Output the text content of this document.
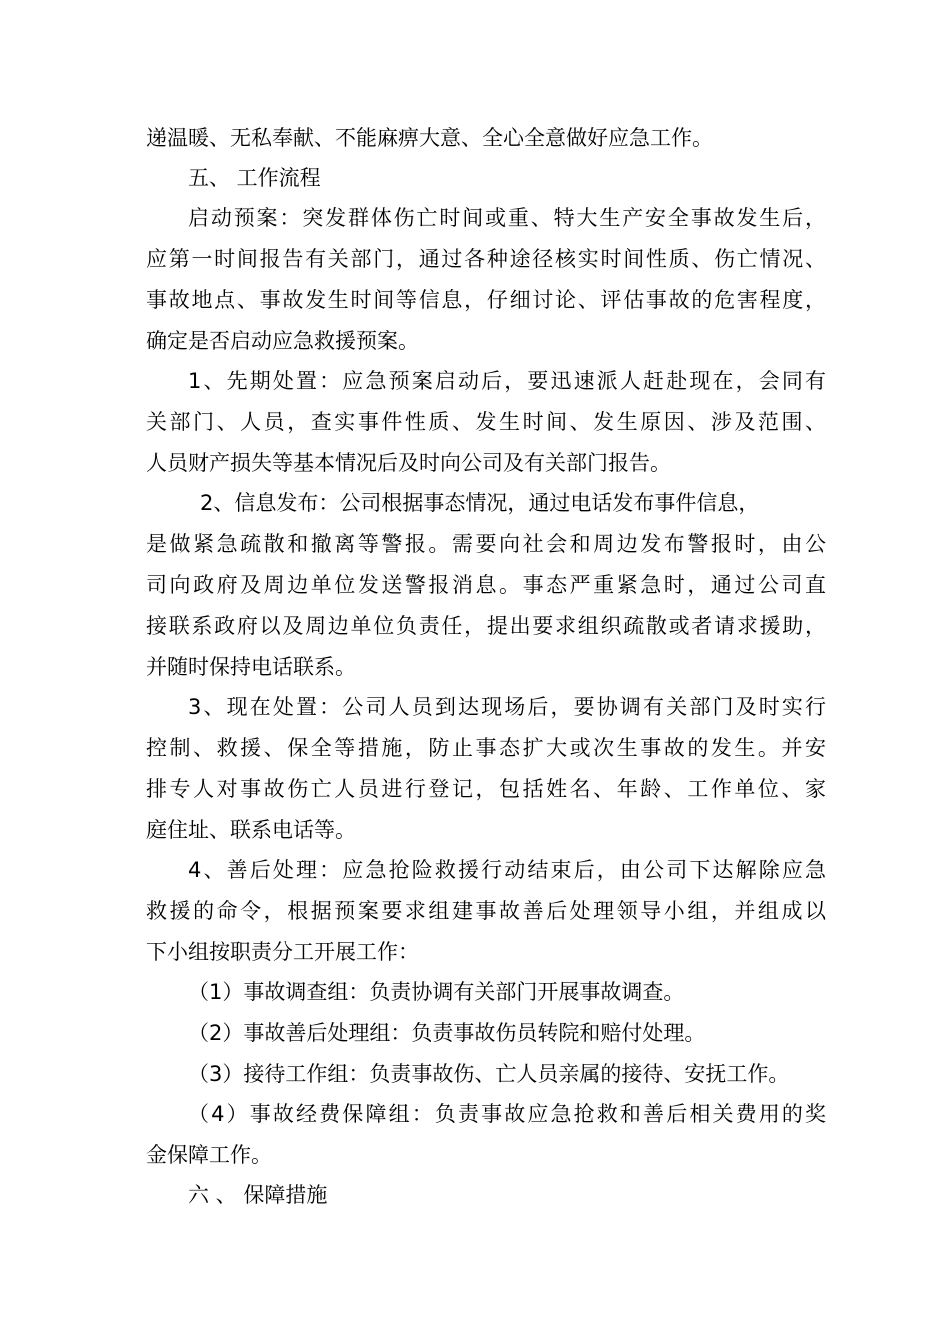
递温暖、无私奉献、不能麻痹大意、全心全意做好应急工作。
五、 工作流程
启动预案：突发群体伤亡时间或重、特大生产安全事故发生后，
应第一时间报告有关部门，通过各种途径核实时间性质、伤亡情况、
事故地点、事故发生时间等信息，仔细讨论、评估事故的危害程度，
确定是否启动应急救援预案。
1、先期处置：应急预案启动后，要迅速派人赶赴现在，会同有
关部门、人员，查实事件性质、发生时间、发生原因、涉及范围、
人员财产损失等基本情况后及时向公司及有关部门报告。
2、信息发布：公司根据事态情况，通过电话发布事件信息，
是做紧急疏散和撤离等警报。需要向社会和周边发布警报时，由公
司向政府及周边单位发送警报消息。事态严重紧急时，通过公司直
接联系政府以及周边单位负责任，提出要求组织疏散或者请求援助，
并随时保持电话联系。
3、现在处置：公司人员到达现场后，要协调有关部门及时实行
控制、救援、保全等措施，防止事态扩大或次生事故的发生。并安
排专人对事故伤亡人员进行登记，包括姓名、年龄、工作单位、家
庭住址、联系电话等。
4、善后处理：应急抢险救援行动结束后，由公司下达解除应急
救援的命令，根据预案要求组建事故善后处理领导小组，并组成以
下小组按职责分工开展工作：
（1）事故调查组：负责协调有关部门开展事故调查。
（2）事故善后处理组：负责事故伤员转院和赔付处理。
（3）接待工作组：负责事故伤、亡人员亲属的接待、安抚工作。
（4）事故经费保障组：负责事故应急抢救和善后相关费用的奖
金保障工作。
六 、 保障措施
